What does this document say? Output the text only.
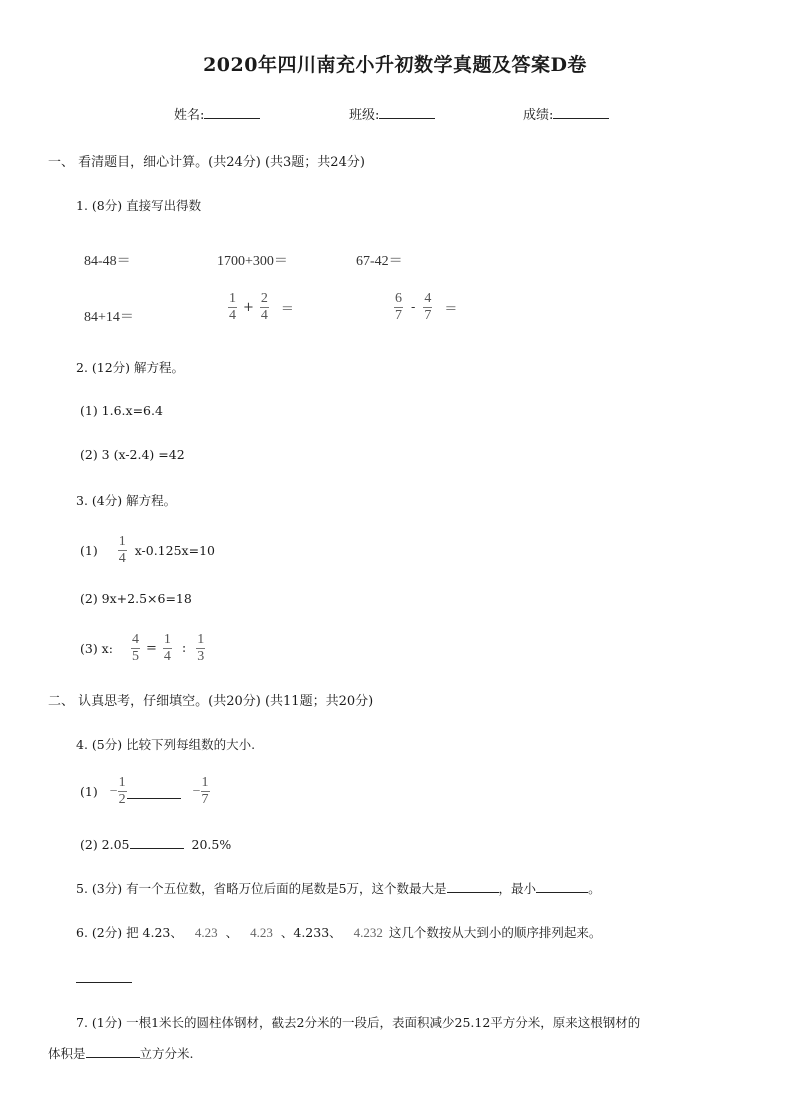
2020年四川南充小升初数学真题及答案D卷
姓名:	班级:	成绩:
一、 看清题目，细心计算。(共24分) (共3题；共24分)
1. (8分) 直接写出得数
84-48＝	1700+300＝	67-42＝
84+14＝	$\frac{1}{4} + \frac{2}{4}$ ＝	$\frac{6}{7} - \frac{4}{7}$ ＝
2. (12分) 解方程。
(1) 1.6.x=6.4
(2) 3 (x-2.4) =42
3. (4分) 解方程。
$(1) \frac{1}{4} x-0.125x=10$
(2) 9x+2.5×6=18
(3) x: $\frac{4}{5} = \frac{1}{4}$ : $\frac{1}{3}$
二、 认真思考，仔细填空。(共20分) (共11题；共20分)
4. (5分) 比较下列每组数的大小.
$(1) - \frac{1}{2}$	− $\frac{1}{7}$
(2) 2.05	20.5%
5. (3分) 有一个五位数，省略万位后面的尾数是5万，这个数最大是	，最小	。
6. (2分) 把 4.23、 4.23 、 4.23 、4.233、 4.232 这几个数按从大到小的顺序排列起来。
7. (1分) 一根1米长的圆柱体钢材，截去2分米的一段后，表面积减少25.12平方分米，原来这根钢材的
体积是	立方分米.
